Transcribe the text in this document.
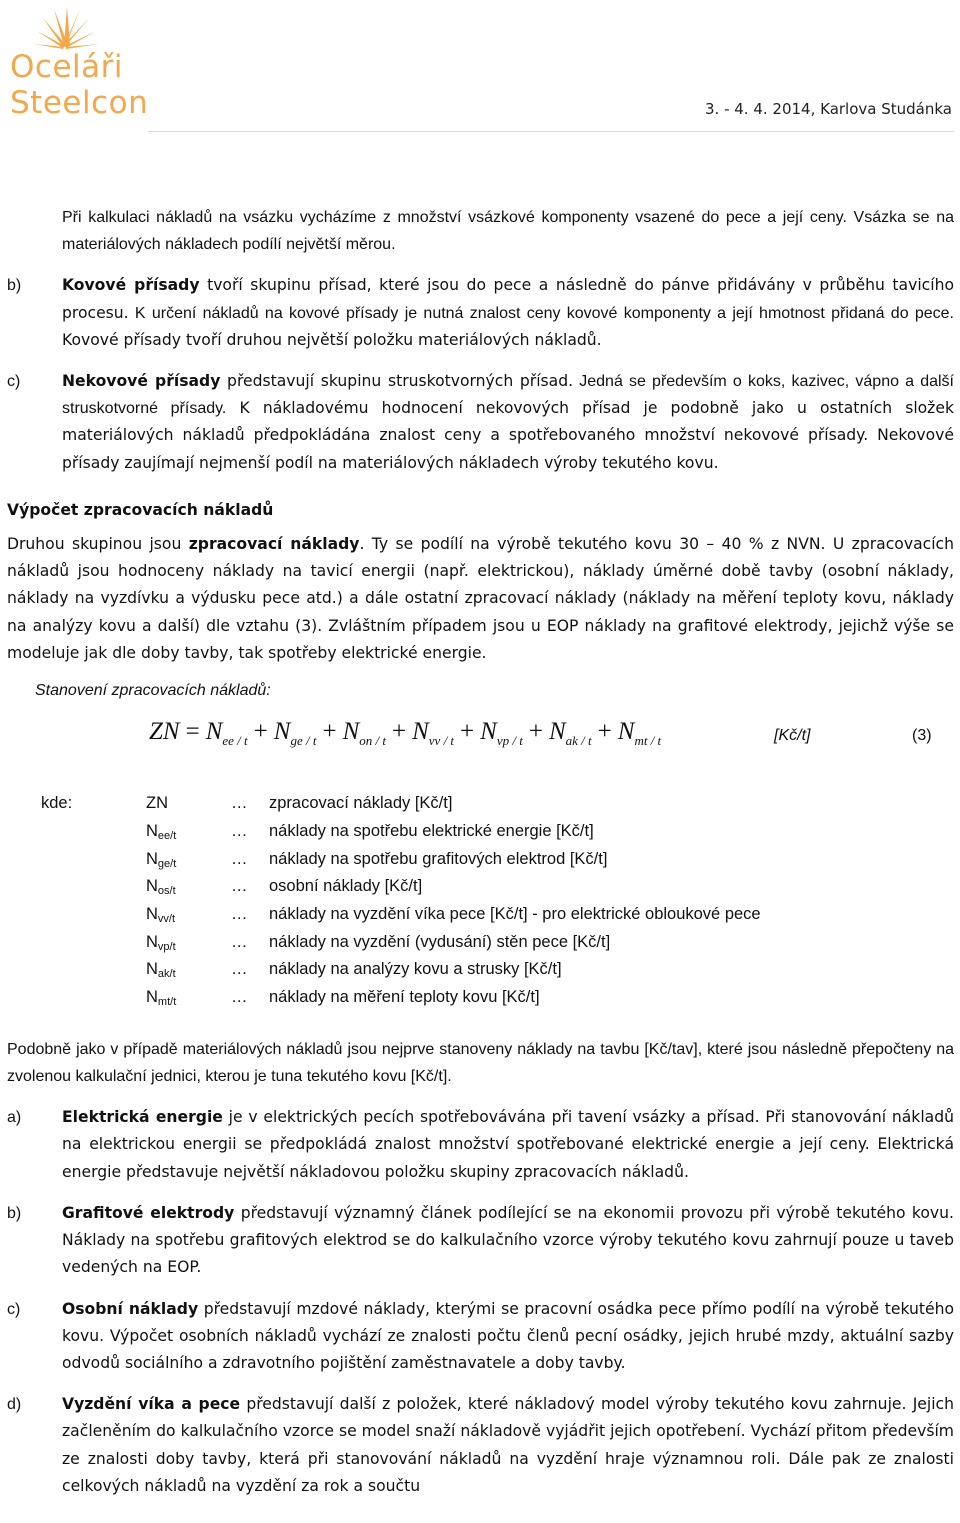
Oceláři
Steelcon	3. - 4. 4. 2014, Karlova Studánka

Při kalkulaci nákladů na vsázku vycházíme z množství vsázkové komponenty vsazené do pece a její ceny. Vsázka se na materiálových nákladech podílí největší měrou.

b)	Kovové přísady tvoří skupinu přísad, které jsou do pece a následně do pánve přidávány v průběhu tavicího procesu. K určení nákladů na kovové přísady je nutná znalost ceny kovové komponenty a její hmotnost přidaná do pece. Kovové přísady tvoří druhou největší položku materiálových nákladů.
c)	Nekovové přísady představují skupinu struskotvorných přísad. Jedná se především o koks, kazivec, vápno a další struskotvorné přísady. K nákladovému hodnocení nekovových přísad je podobně jako u ostatních složek materiálových nákladů předpokládána znalost ceny a spotřebovaného množství nekovové přísady. Nekovové přísady zaujímají nejmenší podíl na materiálových nákladech výroby tekutého kovu.
Výpočet zpracovacích nákladů

Druhou skupinou jsou zpracovací náklady. Ty se podílí na výrobě tekutého kovu 30 – 40 % z NVN. U zpracovacích nákladů jsou hodnoceny náklady na tavicí energii (např. elektrickou), náklady úměrné době tavby (osobní náklady, náklady na vyzdívku a výdusku pece atd.) a dále ostatní zpracovací náklady (náklady na měření teploty kovu, náklady na analýzy kovu a další) dle vztahu (3). Zvláštním případem jsou u EOP náklady na grafitové elektrody, jejichž výše se modeluje jak dle doby tavby, tak spotřeby elektrické energie.

Stanovení zpracovacích nákladů:
ZN = $N_{ee / t} + N_{ge / t} + N_{on / t} + N_{vv / t} + N_{vp / t} + N_{ak / t} + N_{mt / t}$	[Kč/t]	(3)
kde:	ZN	…	zpracovací náklady [Kč/t]
	$N_{ee/t}$	…	náklady na spotřebu elektrické energie [Kč/t]
	$N_{ge/t}$	…	náklady na spotřebu grafitových elektrod [Kč/t]
	$N_{os/t}$	…	osobní náklady [Kč/t]
	$N_{vv/t}$	…	náklady na vyzdění víka pece [Kč/t] - pro elektrické obloukové pece
	$N_{vp/t}$	…	náklady na vyzdění (vydusání) stěn pece [Kč/t]
	$N_{ak/t}$	…	náklady na analýzy kovu a strusky [Kč/t]
	$N_{mt/t}$	…	náklady na měření teploty kovu [Kč/t]

Podobně jako v případě materiálových nákladů jsou nejprve stanoveny náklady na tavbu [Kč/tav], které jsou následně přepočteny na zvolenou kalkulační jednici, kterou je tuna tekutého kovu [Kč/t].

a)	Elektrická energie je v elektrických pecích spotřebovávána při tavení vsázky a přísad. Při stanovování nákladů na elektrickou energii se předpokládá znalost množství spotřebované elektrické energie a její ceny. Elektrická energie představuje největší nákladovou položku skupiny zpracovacích nákladů.
b)	Grafitové elektrody představují významný článek podílející se na ekonomii provozu při výrobě tekutého kovu. Náklady na spotřebu grafitových elektrod se do kalkulačního vzorce výroby tekutého kovu zahrnují pouze u taveb vedených na EOP.
c)	Osobní náklady představují mzdové náklady, kterými se pracovní osádka pece přímo podílí na výrobě tekutého kovu. Výpočet osobních nákladů vychází ze znalosti počtu členů pecní osádky, jejich hrubé mzdy, aktuální sazby odvodů sociálního a zdravotního pojištění zaměstnavatele a doby tavby.
d)	Vyzdění víka a pece představují další z položek, které nákladový model výroby tekutého kovu zahrnuje. Jejich začleněním do kalkulačního vzorce se model snaží nákladově vyjádřit jejich opotřebení. Vychází přitom především ze znalosti doby tavby, která při stanovování nákladů na vyzdění hraje významnou roli. Dále pak ze znalosti celkových nákladů na vyzdění za rok a součtu
